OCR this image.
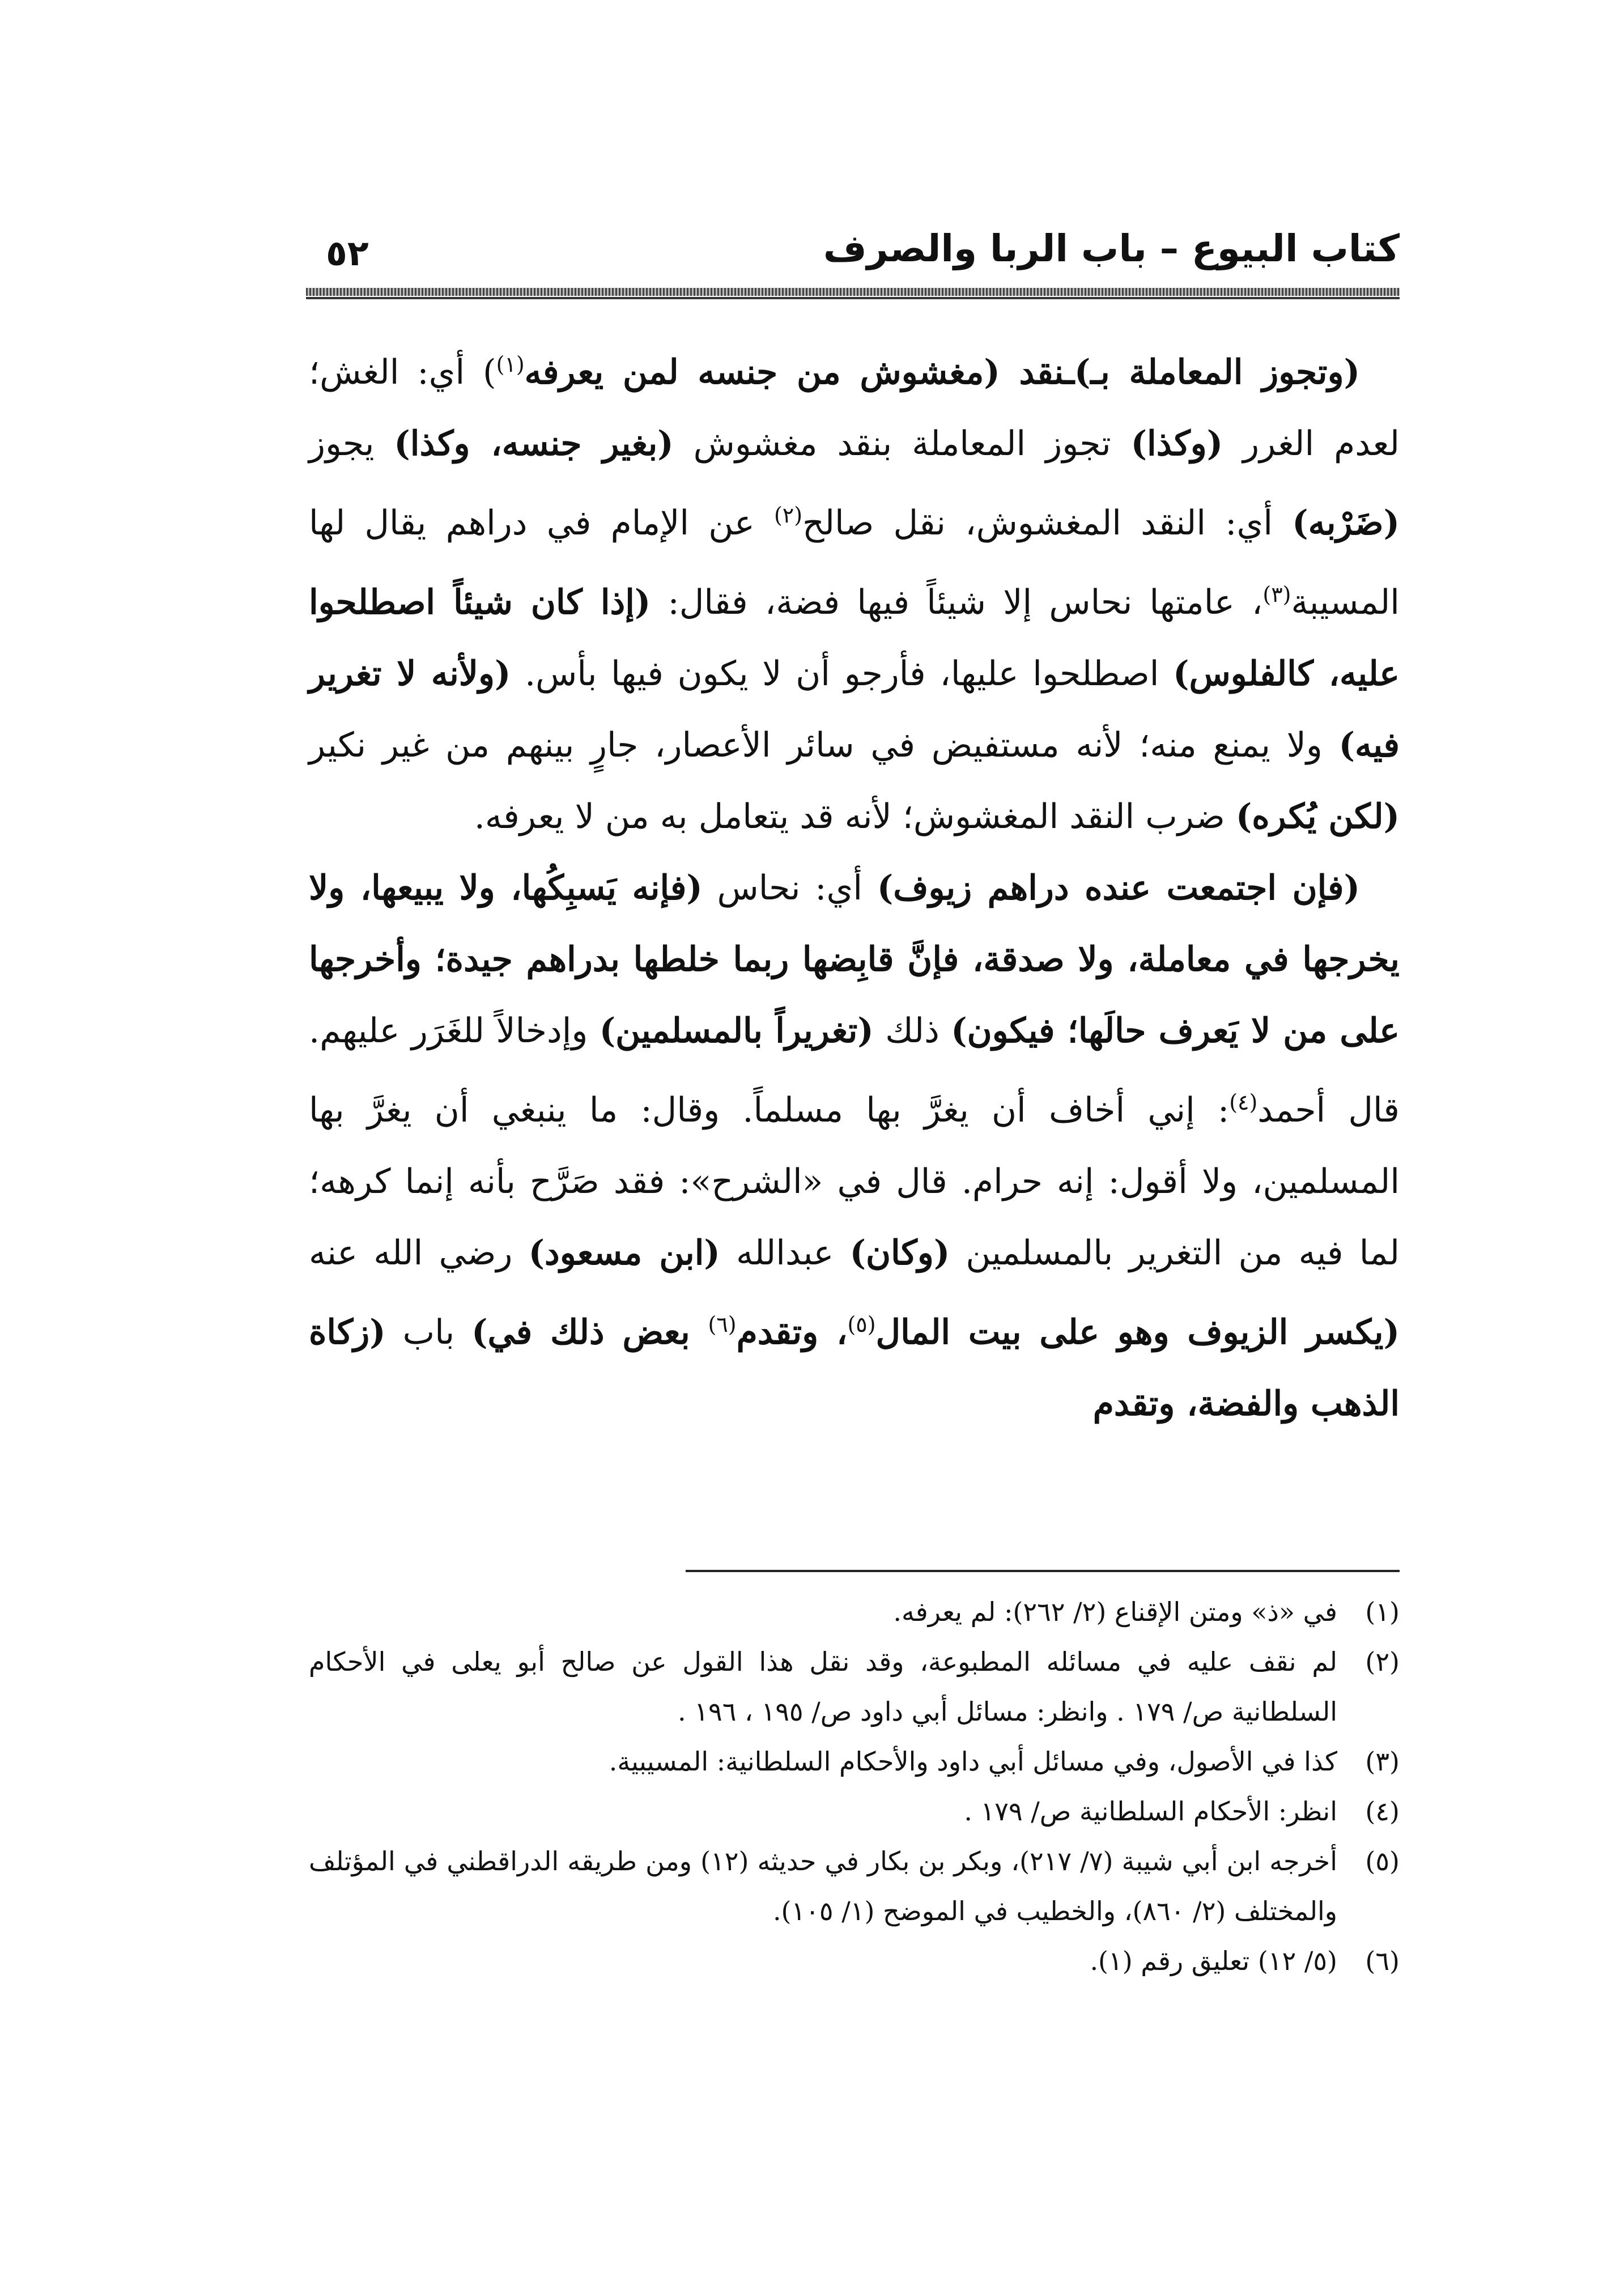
٥٢	كتاب البيوع – باب الربا والصرف

(وتجوز المعاملة بـ)ـنقد (مغشوش من جنسه لمن يعرفه$^{(١)}$) أي: الغش؛ لعدم الغرر (وكذا) تجوز المعاملة بنقد مغشوش (بغير جنسه، وكذا) يجوز (ضَرْبه) أي: النقد المغشوش، نقل صالح$^{(٢)}$ عن الإمام في دراهم يقال لها المسيبة$^{(٣)}$، عامتها نحاس إلا شيئاً فيها فضة، فقال: (إذا كان شيئاً اصطلحوا عليه، كالفلوس) اصطلحوا عليها، فأرجو أن لا يكون فيها بأس. (ولأنه لا تغرير فيه) ولا يمنع منه؛ لأنه مستفيض في سائر الأعصار، جارٍ بينهم من غير نكير (لكن يُكره) ضرب النقد المغشوش؛ لأنه قد يتعامل به من لا يعرفه.

(فإن اجتمعت عنده دراهم زيوف) أي: نحاس (فإنه يَسبِكُها، ولا يبيعها، ولا يخرجها في معاملة، ولا صدقة، فإنَّ قابِضها ربما خلطها بدراهم جيدة؛ وأخرجها على من لا يَعرف حالَها؛ فيكون) ذلك (تغريراً بالمسلمين) وإدخالاً للغَرَر عليهم. قال أحمد$^{(٤)}$: إني أخاف أن يغرَّ بها مسلماً. وقال: ما ينبغي أن يغرَّ بها المسلمين، ولا أقول: إنه حرام. قال في «الشرح»: فقد صَرَّح بأنه إنما كرهه؛ لما فيه من التغرير بالمسلمين (وكان) عبدالله (ابن مسعود) رضي الله عنه (يكسر الزيوف وهو على بيت المال$^{(٥)}$، وتقدم$^{(٦)}$ بعض ذلك في) باب (زكاة الذهب والفضة، وتقدم

(١)في «ذ» ومتن الإقناع (٢/ ٢٦٢): لم يعرفه.

(٢)لم نقف عليه في مسائله المطبوعة، وقد نقل هذا القول عن صالح أبو يعلى في الأحكام السلطانية ص/ ١٧٩ . وانظر: مسائل أبي داود ص/ ١٩٥ ، ١٩٦ .

(٣)كذا في الأصول، وفي مسائل أبي داود والأحكام السلطانية: المسيبية.

(٤)انظر: الأحكام السلطانية ص/ ١٧٩ .

(٥)أخرجه ابن أبي شيبة (٧/ ٢١٧)، وبكر بن بكار في حديثه (١٢) ومن طريقه الدراقطني في المؤتلف والمختلف (٢/ ٨٦٠)، والخطيب في الموضح (١/ ١٠٥).

(٦)(٥/ ١٢) تعليق رقم (١).
